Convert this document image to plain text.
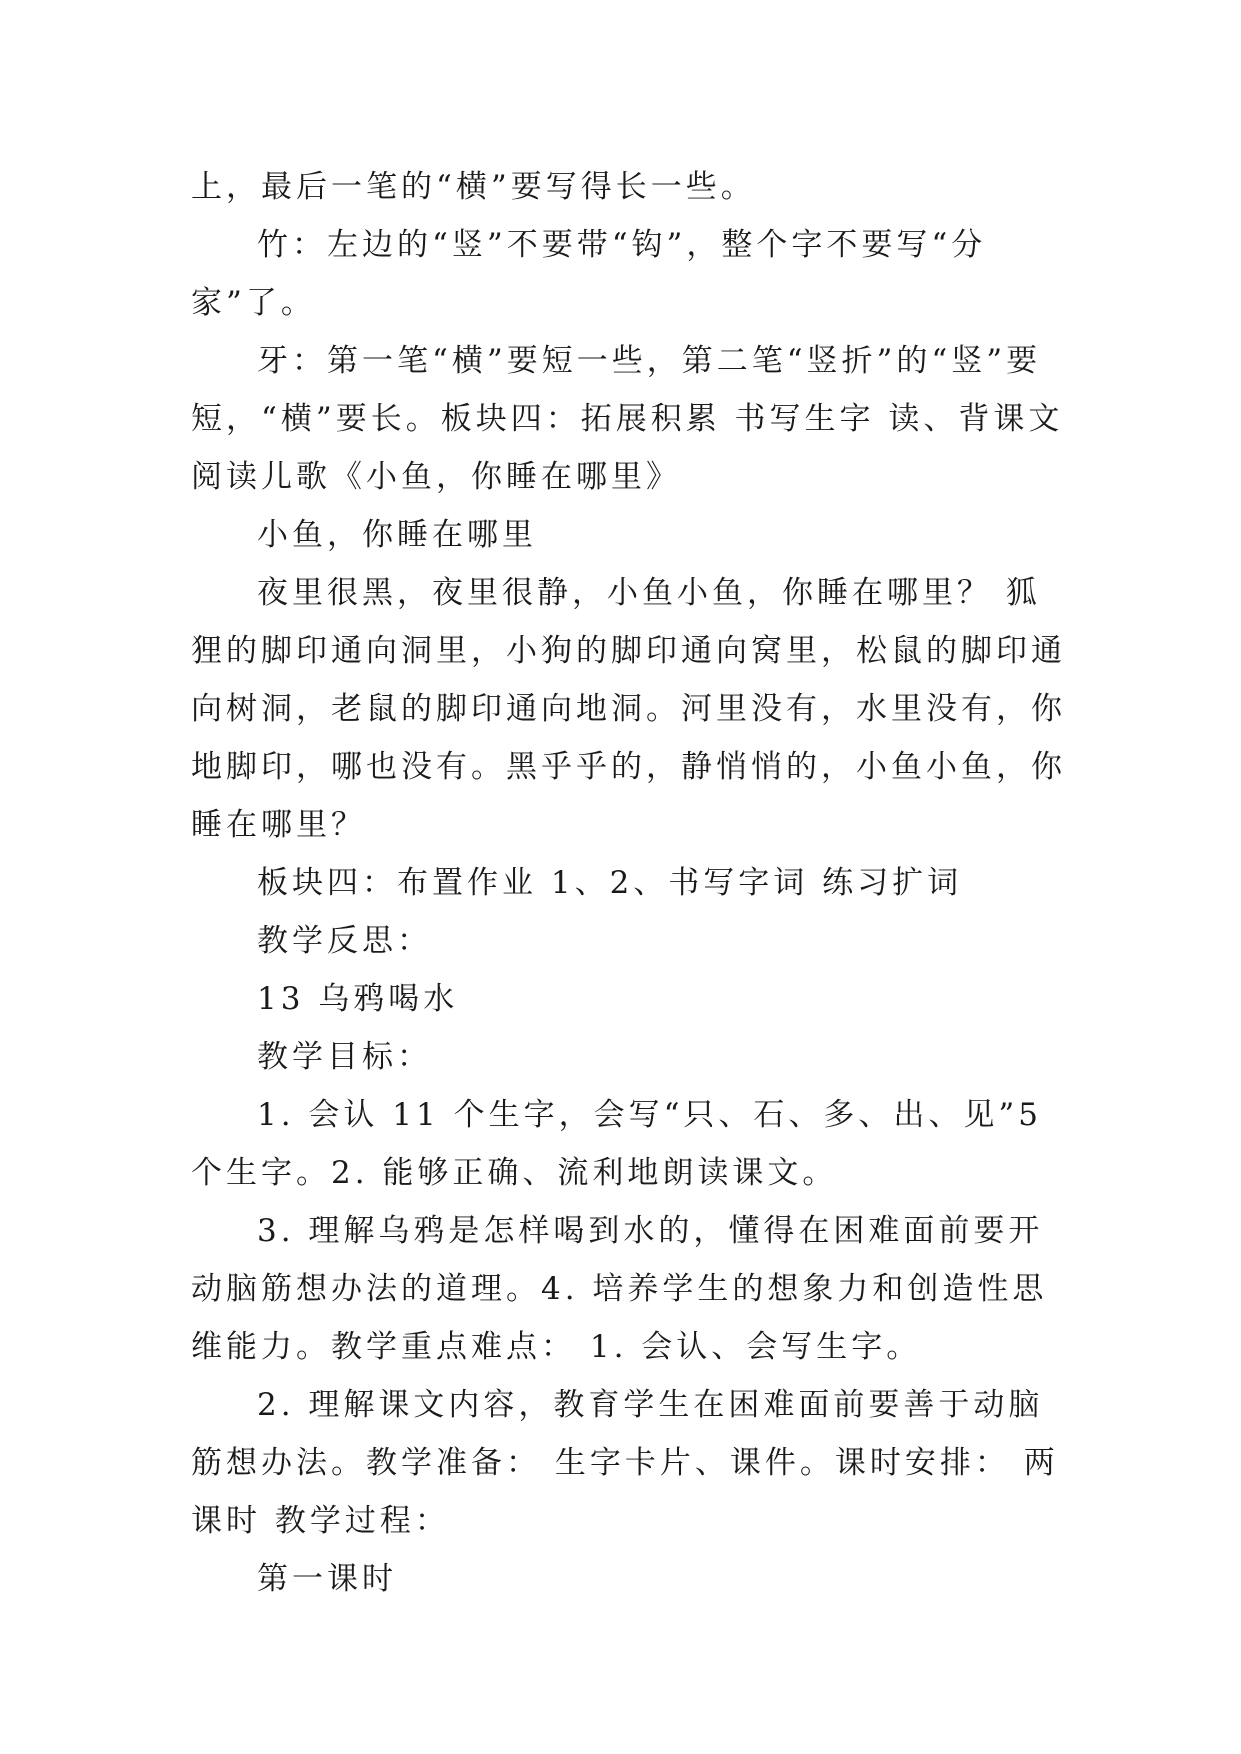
上，最后一笔的“横”要写得长一些。

竹：左边的“竖”不要带“钩”，整个字不要写“分家”了。

牙：第一笔“横”要短一些，第二笔“竖折”的“竖”要短，“横”要长。板块四：拓展积累 书写生字 读、背课文 阅读儿歌《小鱼，你睡在哪里》

小鱼，你睡在哪里

夜里很黑，夜里很静，小鱼小鱼，你睡在哪里？ 狐狸的脚印通向洞里，小狗的脚印通向窝里，松鼠的脚印通向树洞，老鼠的脚印通向地洞。河里没有，水里没有，你地脚印，哪也没有。黑乎乎的，静悄悄的，小鱼小鱼，你睡在哪里？

板块四：布置作业 1、2、书写字词 练习扩词

教学反思：

13 乌鸦喝水

教学目标：

1. 会认 11 个生字，会写“只、石、多、出、见”5 个生字。2. 能够正确、流利地朗读课文。

3. 理解乌鸦是怎样喝到水的，懂得在困难面前要开动脑筋想办法的道理。4. 培养学生的想象力和创造性思维能力。教学重点难点： 1. 会认、会写生字。

2. 理解课文内容，教育学生在困难面前要善于动脑筋想办法。教学准备： 生字卡片、课件。课时安排： 两课时 教学过程：

第一课时
